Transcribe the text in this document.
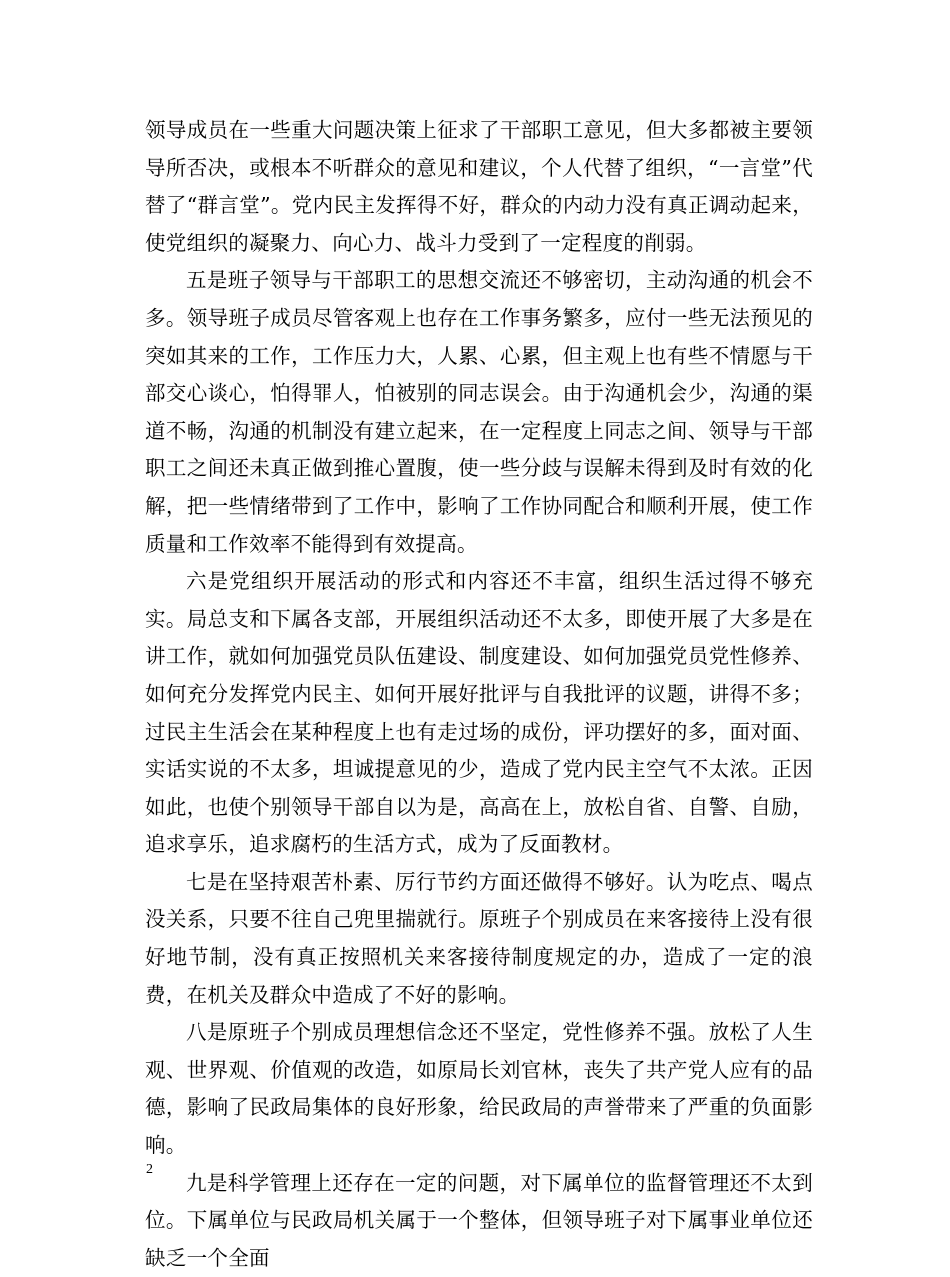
领导成员在一些重大问题决策上征求了干部职工意见，但大多都被主要领导所否决，或根本不听群众的意见和建议，个人代替了组织，“一言堂”代替了“群言堂”。党内民主发挥得不好，群众的内动力没有真正调动起来，使党组织的凝聚力、向心力、战斗力受到了一定程度的削弱。

五是班子领导与干部职工的思想交流还不够密切，主动沟通的机会不多。领导班子成员尽管客观上也存在工作事务繁多，应付一些无法预见的突如其来的工作，工作压力大，人累、心累，但主观上也有些不情愿与干部交心谈心，怕得罪人，怕被别的同志误会。由于沟通机会少，沟通的渠道不畅，沟通的机制没有建立起来，在一定程度上同志之间、领导与干部职工之间还未真正做到推心置腹，使一些分歧与误解未得到及时有效的化解，把一些情绪带到了工作中，影响了工作协同配合和顺利开展，使工作质量和工作效率不能得到有效提高。

六是党组织开展活动的形式和内容还不丰富，组织生活过得不够充实。局总支和下属各支部，开展组织活动还不太多，即使开展了大多是在讲工作，就如何加强党员队伍建设、制度建设、如何加强党员党性修养、如何充分发挥党内民主、如何开展好批评与自我批评的议题，讲得不多；过民主生活会在某种程度上也有走过场的成份，评功摆好的多，面对面、实话实说的不太多，坦诚提意见的少，造成了党内民主空气不太浓。正因如此，也使个别领导干部自以为是，高高在上，放松自省、自警、自励，追求享乐，追求腐朽的生活方式，成为了反面教材。

七是在坚持艰苦朴素、厉行节约方面还做得不够好。认为吃点、喝点没关系，只要不往自己兜里揣就行。原班子个别成员在来客接待上没有很好地节制，没有真正按照机关来客接待制度规定的办，造成了一定的浪费，在机关及群众中造成了不好的影响。

八是原班子个别成员理想信念还不坚定，党性修养不强。放松了人生观、世界观、价值观的改造，如原局长刘官林，丧失了共产党人应有的品德，影响了民政局集体的良好形象，给民政局的声誉带来了严重的负面影响。

九是科学管理上还存在一定的问题，对下属单位的监督管理还不太到位。下属单位与民政局机关属于一个整体，但领导班子对下属事业单位还缺乏一个全面

2
